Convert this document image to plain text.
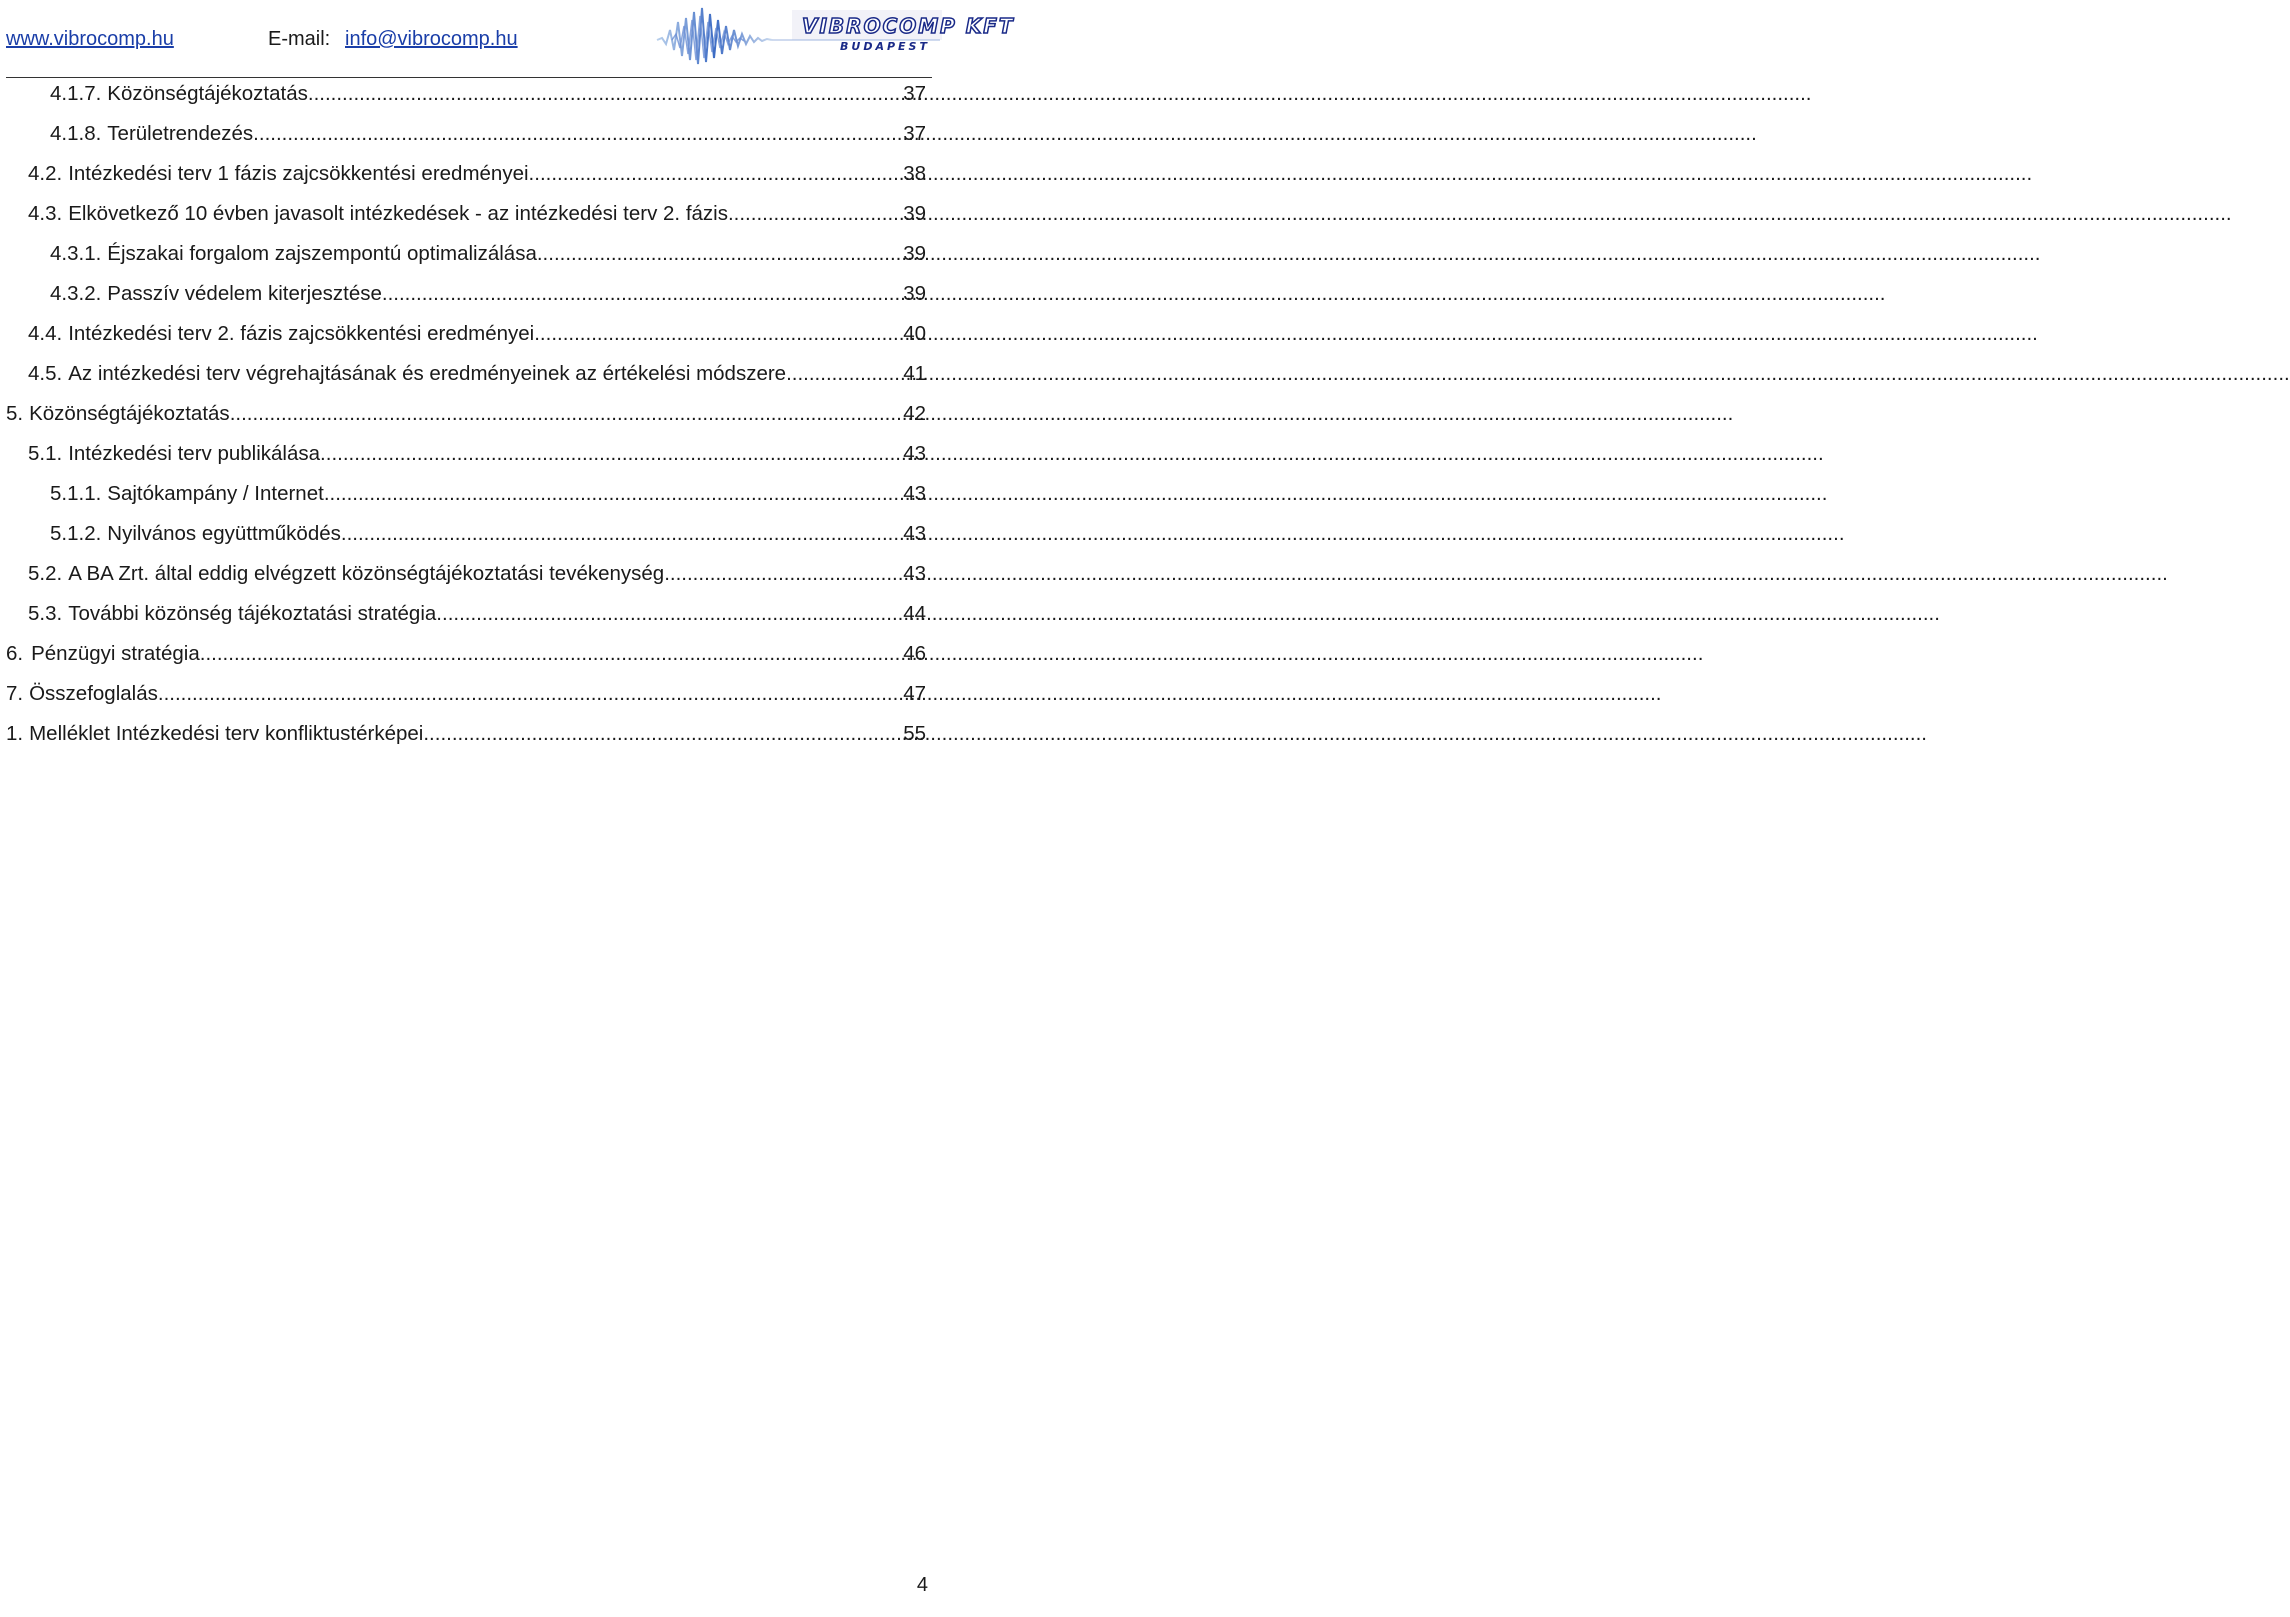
www.vibrocomp.hu	E-mail: info@vibrocomp.hu
VIBROCOMP KFT
BUDAPEST
4.1.7. Közönségtájékoztatás .....	37
4.1.8. Területrendezés .....	37
4.2. Intézkedési terv 1 fázis zajcsökkentési eredményei .....	38
4.3. Elkövetkező 10 évben javasolt intézkedések - az intézkedési terv 2. fázis .....	39
4.3.1. Éjszakai forgalom zajszempontú optimalizálása .....	39
4.3.2. Passzív védelem kiterjesztése .....	39
4.4. Intézkedési terv 2. fázis zajcsökkentési eredményei .....	40
4.5. Az intézkedési terv végrehajtásának és eredményeinek az értékelési módszere .....	41
5. Közönségtájékoztatás .....	42
5.1. Intézkedési terv publikálása .....	43
5.1.1. Sajtókampány / Internet .....	43
5.1.2. Nyilvános együttműködés .....	43
5.2. A BA Zrt. által eddig elvégzett közönségtájékoztatási tevékenység .....	43
5.3. További közönség tájékoztatási stratégia .....	44
6. Pénzügyi stratégia .....	46
7. Összefoglalás .....	47
1. Melléklet Intézkedési terv konfliktustérképei .....	55
4
